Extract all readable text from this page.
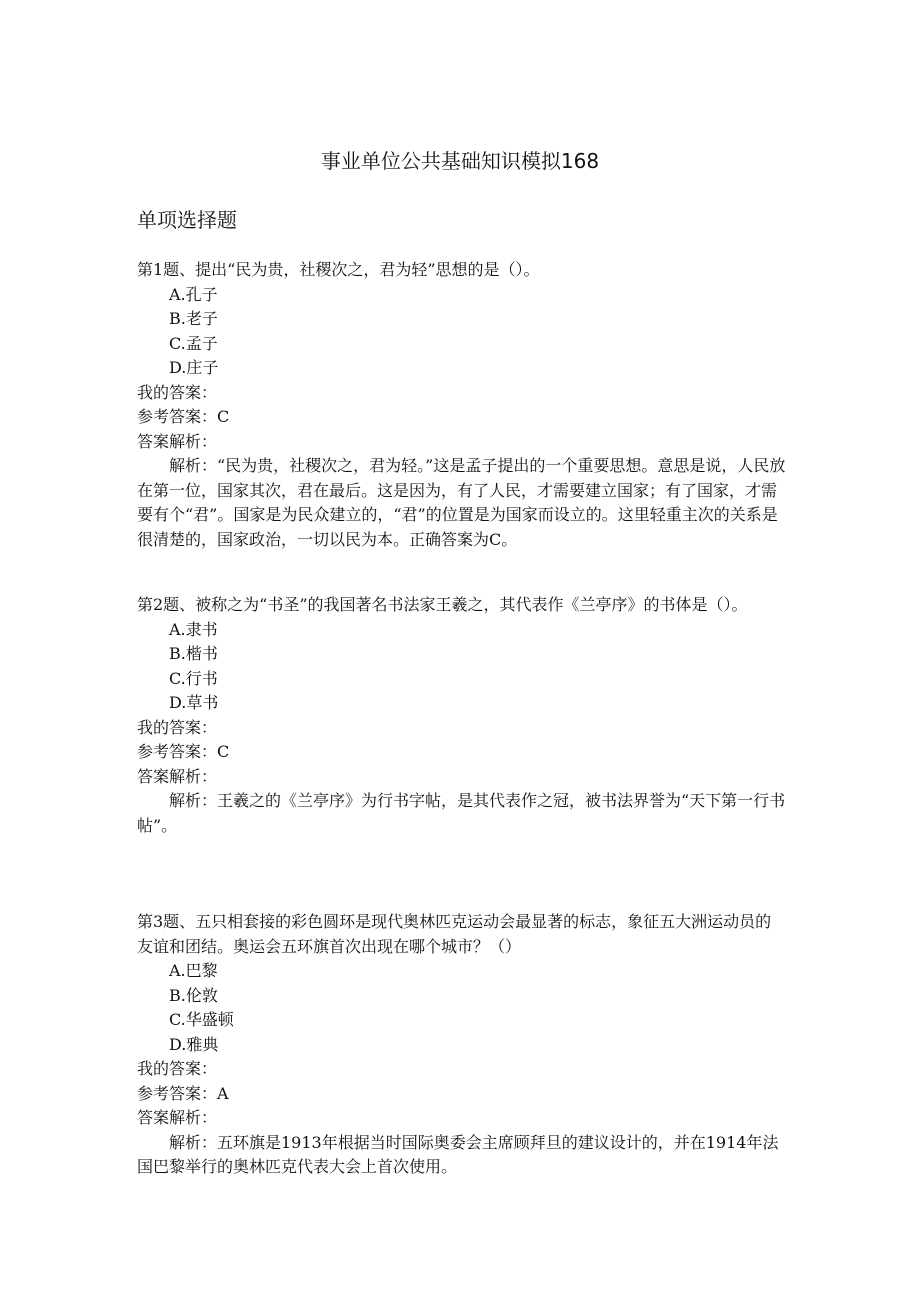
事业单位公共基础知识模拟168
单项选择题

第1题、提出“民为贵，社稷次之，君为轻”思想的是（）。

A.孔子
B.老子
C.孟子
D.庄子

我的答案：

参考答案：C

答案解析：

解析：“民为贵，社稷次之，君为轻。”这是孟子提出的一个重要思想。意思是说，人民放在第一位，国家其次，君在最后。这是因为，有了人民，才需要建立国家；有了国家，才需要有个“君”。国家是为民众建立的，“君”的位置是为国家而设立的。这里轻重主次的关系是很清楚的，国家政治，一切以民为本。正确答案为C。

第2题、被称之为“书圣”的我国著名书法家王羲之，其代表作《兰亭序》的书体是（）。

A.隶书
B.楷书
C.行书
D.草书

我的答案：

参考答案：C

答案解析：

解析：王羲之的《兰亭序》为行书字帖，是其代表作之冠，被书法界誉为“天下第一行书帖”。

第3题、五只相套接的彩色圆环是现代奥林匹克运动会最显著的标志，象征五大洲运动员的友谊和团结。奥运会五环旗首次出现在哪个城市？（）

A.巴黎
B.伦敦
C.华盛顿
D.雅典

我的答案：

参考答案：A

答案解析：

解析：五环旗是1913年根据当时国际奥委会主席顾拜旦的建议设计的，并在1914年法国巴黎举行的奥林匹克代表大会上首次使用。
